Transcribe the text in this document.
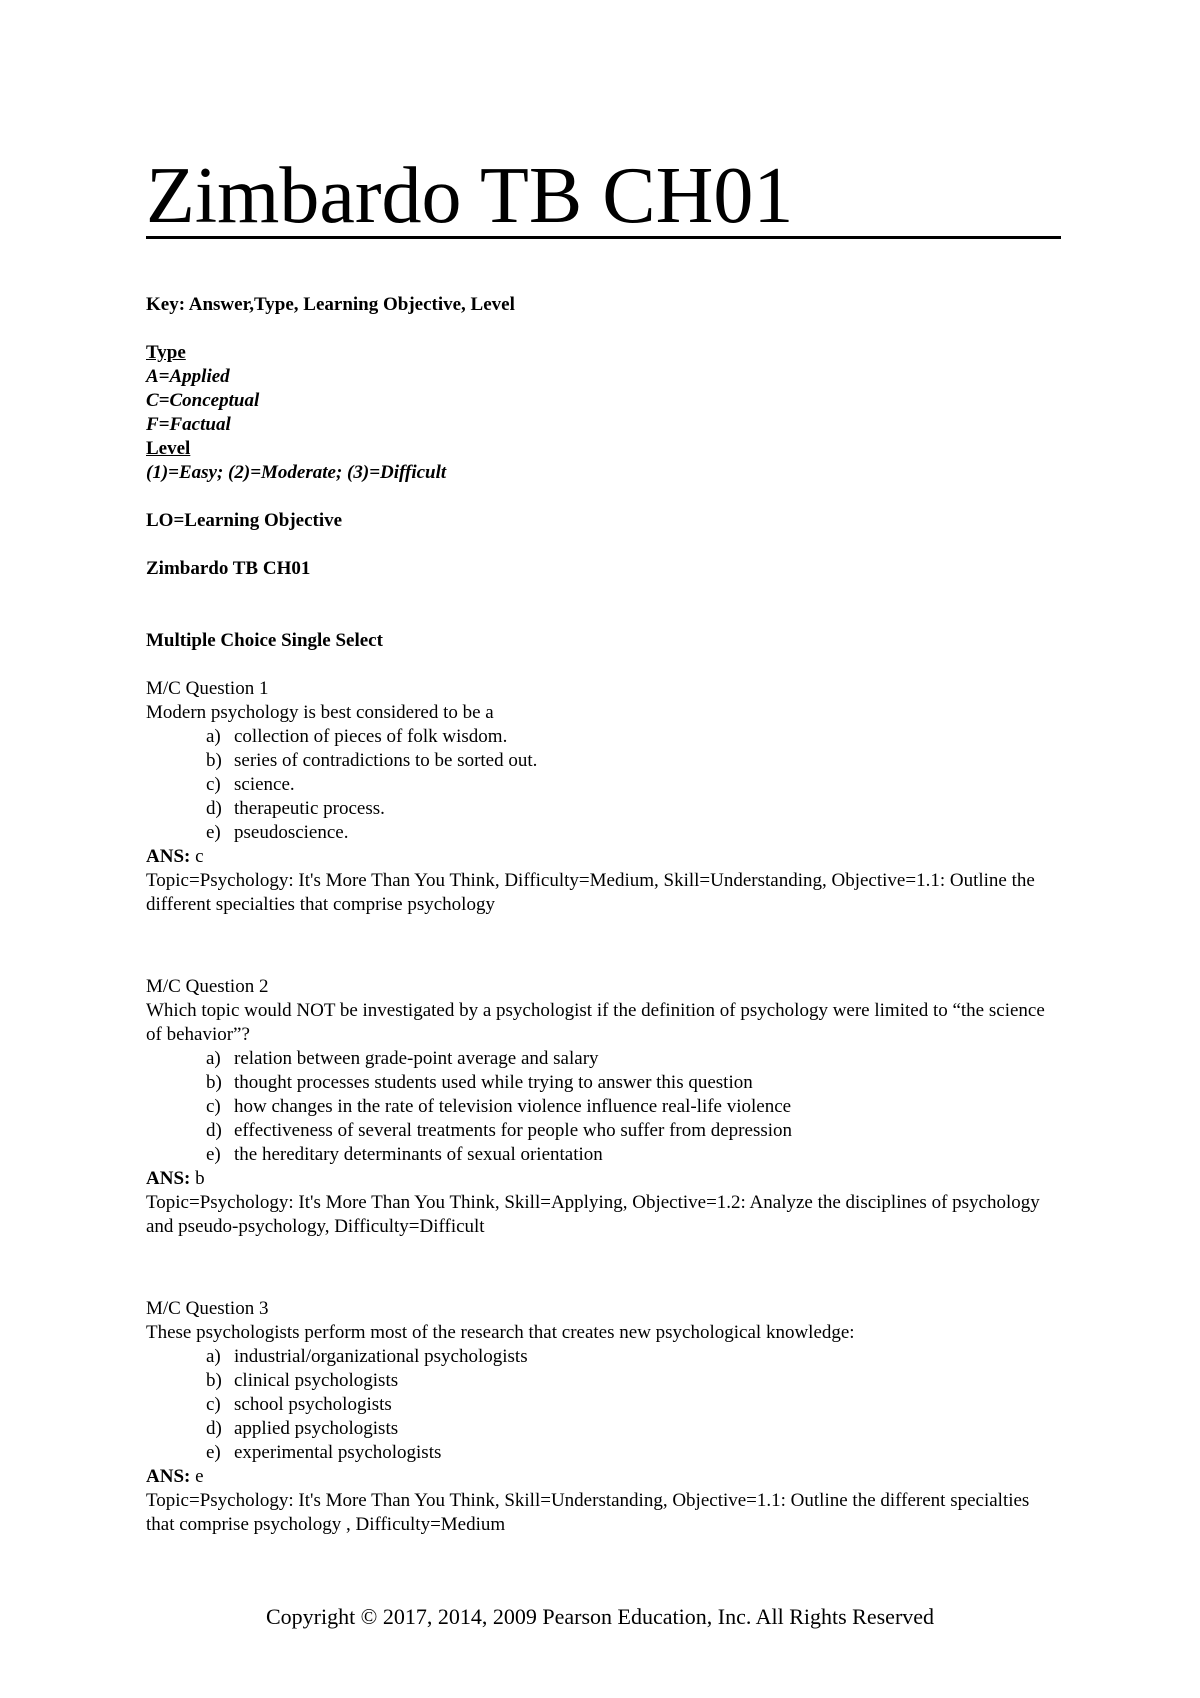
Zimbardo TB CH01
Key: Answer,Type, Learning Objective, Level
Type
A=Applied
C=Conceptual
F=Factual
Level
(1)=Easy; (2)=Moderate; (3)=Difficult
LO=Learning Objective
Zimbardo TB CH01
Multiple Choice Single Select
M/C Question 1
Modern psychology is best considered to be a
a) collection of pieces of folk wisdom.
b) series of contradictions to be sorted out.
c) science.
d) therapeutic process.
e) pseudoscience.
ANS: c
Topic=Psychology: It's More Than You Think, Difficulty=Medium, Skill=Understanding, Objective=1.1: Outline the different specialties that comprise psychology
M/C Question 2
Which topic would NOT be investigated by a psychologist if the definition of psychology were limited to “the science of behavior”?
a) relation between grade-point average and salary
b) thought processes students used while trying to answer this question
c) how changes in the rate of television violence influence real-life violence
d) effectiveness of several treatments for people who suffer from depression
e) the hereditary determinants of sexual orientation
ANS: b
Topic=Psychology: It's More Than You Think, Skill=Applying, Objective=1.2: Analyze the disciplines of psychology and pseudo-psychology, Difficulty=Difficult
M/C Question 3
These psychologists perform most of the research that creates new psychological knowledge:
a) industrial/organizational psychologists
b) clinical psychologists
c) school psychologists
d) applied psychologists
e) experimental psychologists
ANS: e
Topic=Psychology: It's More Than You Think, Skill=Understanding, Objective=1.1: Outline the different specialties that comprise psychology , Difficulty=Medium
Copyright © 2017, 2014, 2009 Pearson Education, Inc. All Rights Reserved
